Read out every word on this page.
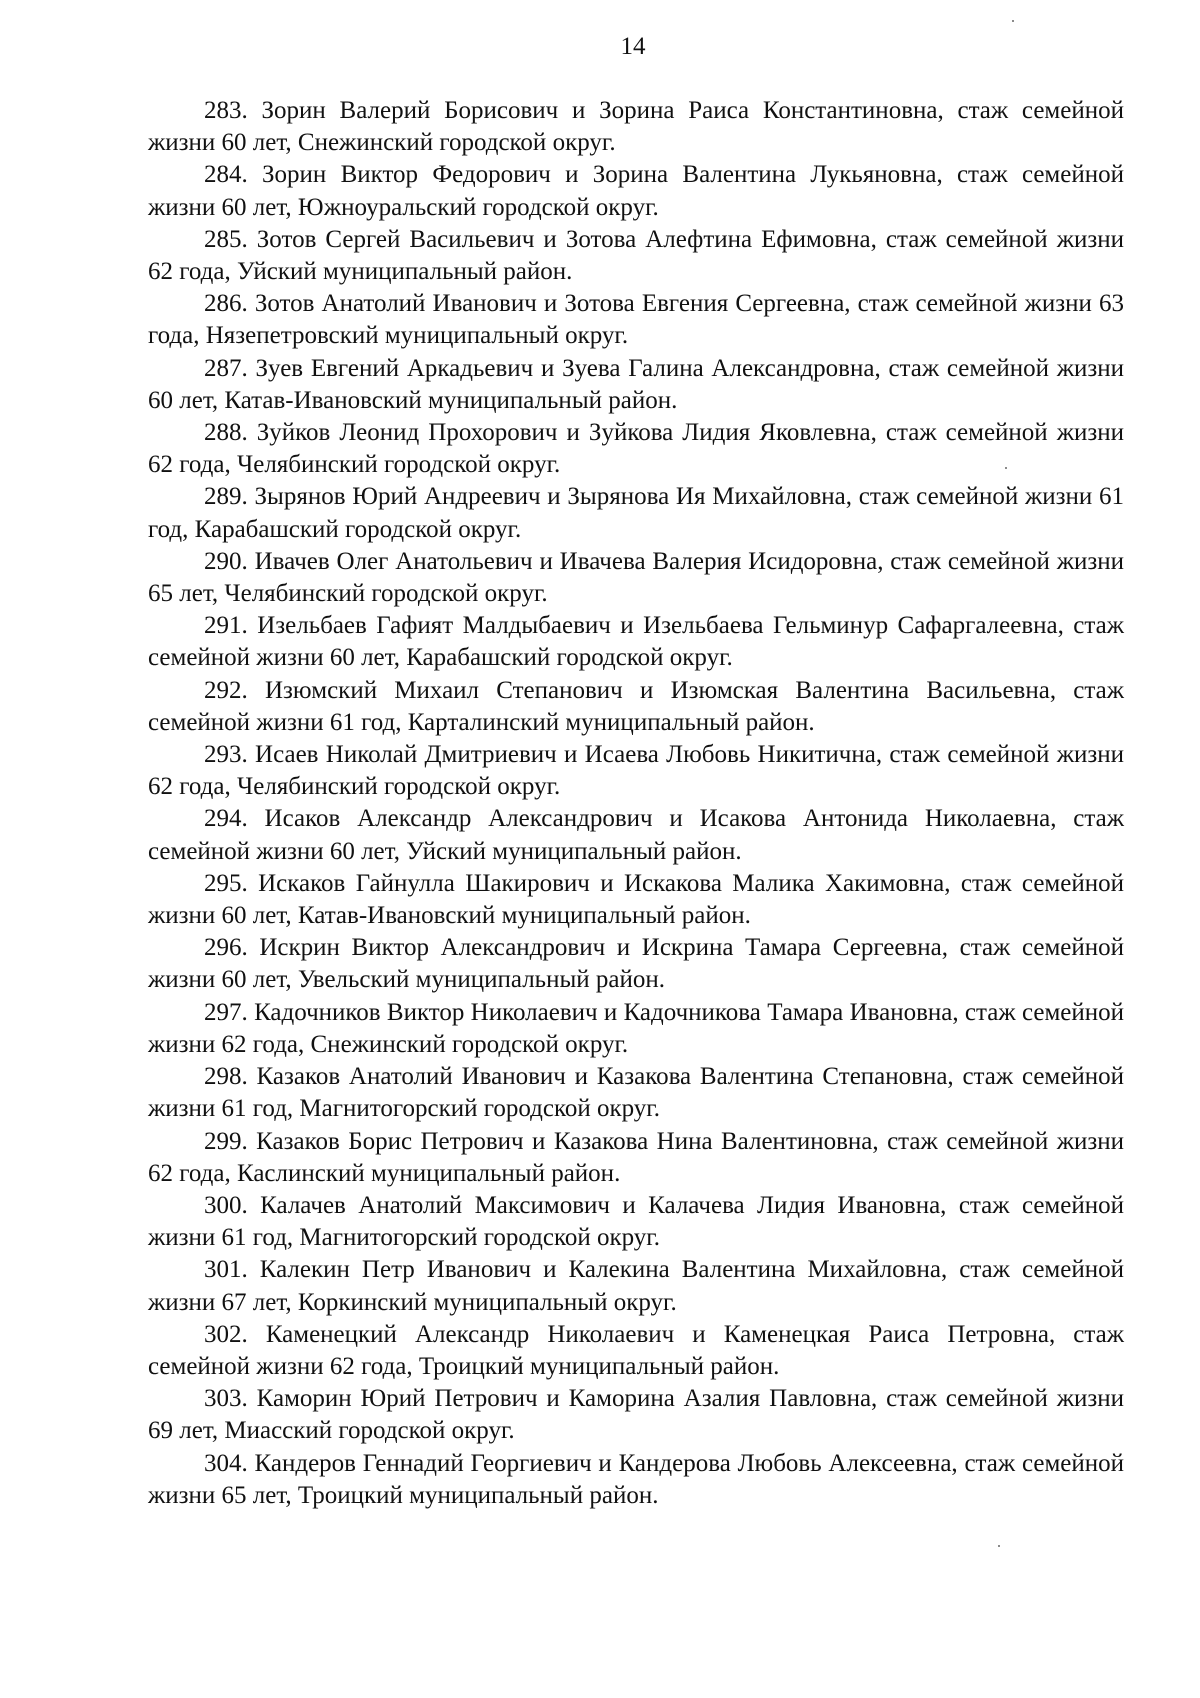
14

283. Зорин Валерий Борисович и Зорина Раиса Константиновна, стаж семейной жизни 60 лет, Снежинский городской округ.

284. Зорин Виктор Федорович и Зорина Валентина Лукьяновна, стаж семейной жизни 60 лет, Южноуральский городской округ.

285. Зотов Сергей Васильевич и Зотова Алефтина Ефимовна, стаж семейной жизни 62 года, Уйский муниципальный район.

286. Зотов Анатолий Иванович и Зотова Евгения Сергеевна, стаж семейной жизни 63 года, Нязепетровский муниципальный округ.

287. Зуев Евгений Аркадьевич и Зуева Галина Александровна, стаж семейной жизни 60 лет, Катав-Ивановский муниципальный район.

288. Зуйков Леонид Прохорович и Зуйкова Лидия Яковлевна, стаж семейной жизни 62 года, Челябинский городской округ.

289. Зырянов Юрий Андреевич и Зырянова Ия Михайловна, стаж семейной жизни 61 год, Карабашский городской округ.

290. Ивачев Олег Анатольевич и Ивачева Валерия Исидоровна, стаж семейной жизни 65 лет, Челябинский городской округ.

291. Изельбаев Гафият Малдыбаевич и Изельбаева Гельминур Сафаргалеевна, стаж семейной жизни 60 лет, Карабашский городской округ.

292. Изюмский Михаил Степанович и Изюмская Валентина Васильевна, стаж семейной жизни 61 год, Карталинский муниципальный район.

293. Исаев Николай Дмитриевич и Исаева Любовь Никитична, стаж семейной жизни 62 года, Челябинский городской округ.

294. Исаков Александр Александрович и Исакова Антонида Николаевна, стаж семейной жизни 60 лет, Уйский муниципальный район.

295. Искаков Гайнулла Шакирович и Искакова Малика Хакимовна, стаж семейной жизни 60 лет, Катав-Ивановский муниципальный район.

296. Искрин Виктор Александрович и Искрина Тамара Сергеевна, стаж семейной жизни 60 лет, Увельский муниципальный район.

297. Кадочников Виктор Николаевич и Кадочникова Тамара Ивановна, стаж семейной жизни 62 года, Снежинский городской округ.

298. Казаков Анатолий Иванович и Казакова Валентина Степановна, стаж семейной жизни 61 год, Магнитогорский городской округ.

299. Казаков Борис Петрович и Казакова Нина Валентиновна, стаж семейной жизни 62 года, Каслинский муниципальный район.

300. Калачев Анатолий Максимович и Калачева Лидия Ивановна, стаж семейной жизни 61 год, Магнитогорский городской округ.

301. Калекин Петр Иванович и Калекина Валентина Михайловна, стаж семейной жизни 67 лет, Коркинский муниципальный округ.

302. Каменецкий Александр Николаевич и Каменецкая Раиса Петровна, стаж семейной жизни 62 года, Троицкий муниципальный район.

303. Каморин Юрий Петрович и Каморина Азалия Павловна, стаж семейной жизни 69 лет, Миасский городской округ.

304. Кандеров Геннадий Георгиевич и Кандерова Любовь Алексеевна, стаж семейной жизни 65 лет, Троицкий муниципальный район.
